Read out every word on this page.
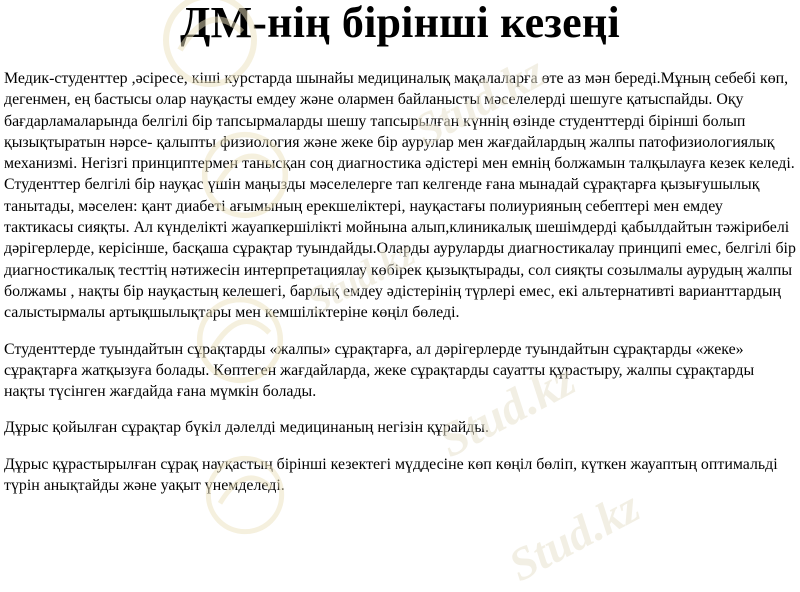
Stud.kz
Stud.kz
Stud.kz
Stud.kz
ДМ-нің бірінші кезеңі

Медик-студенттер ,әсіресе, кіші курстарда шынайы медициналық мақалаларға өте аз мән береді.Мұның себебі көп, дегенмен, ең бастысы олар науқасты емдеу және олармен байланысты мәселелерді шешуге қатыспайды. Оқу бағдарламаларында белгілі бір тапсырмаларды шешу тапсырылған күннің өзінде студенттерді бірінші болып қызықтыратын нәрсе- қалыпты физиология және жеке бір аурулар мен жағдайлардың жалпы патофизиологиялық механизмі. Негізгі принциптермен танысқан соң диагностика әдістері мен емнің болжамын талқылауға кезек келеді. Студенттер белгілі бір науқас үшін маңызды мәселелерге тап келгенде ғана мынадай сұрақтарға қызығушылық танытады, мәселен: қант диабеті ағымының ерекшеліктері, науқастағы полиурияның себептері мен емдеу тактикасы сияқты. Ал күнделікті жауапкершілікті мойнына алып,клиникалық шешімдерді қабылдайтын тәжірибелі дәрігерлерде, керісінше, басқаша сұрақтар туындайды.Оларды ауруларды диагностикалау принципі емес, белгілі бір диагностикалық тесттің нәтижесін интерпретациялау көбірек қызықтырады, сол сияқты созылмалы аурудың жалпы болжамы , нақты бір науқастың келешегі, барлық емдеу әдістерінің түрлері емес, екі альтернативті варианттардың салыстырмалы артықшылықтары мен кемшіліктеріне көңіл бөледі.

Студенттерде туындайтын сұрақтарды «жалпы» сұрақтарға, ал дәрігерлерде туындайтын сұрақтарды «жеке» сұрақтарға жатқызуға болады. Көптеген жағдайларда, жеке сұрақтарды сауатты құрастыру, жалпы сұрақтарды нақты түсінген жағдайда ғана мүмкін болады.

Дұрыс қойылған сұрақтар бүкіл дәлелді медицинаның негізін құрайды.

Дұрыс құрастырылған сұрақ науқастың бірінші кезектегі мүддесіне көп көңіл бөліп, күткен жауаптың оптимальді түрін анықтайды және уақыт үнемделеді.
